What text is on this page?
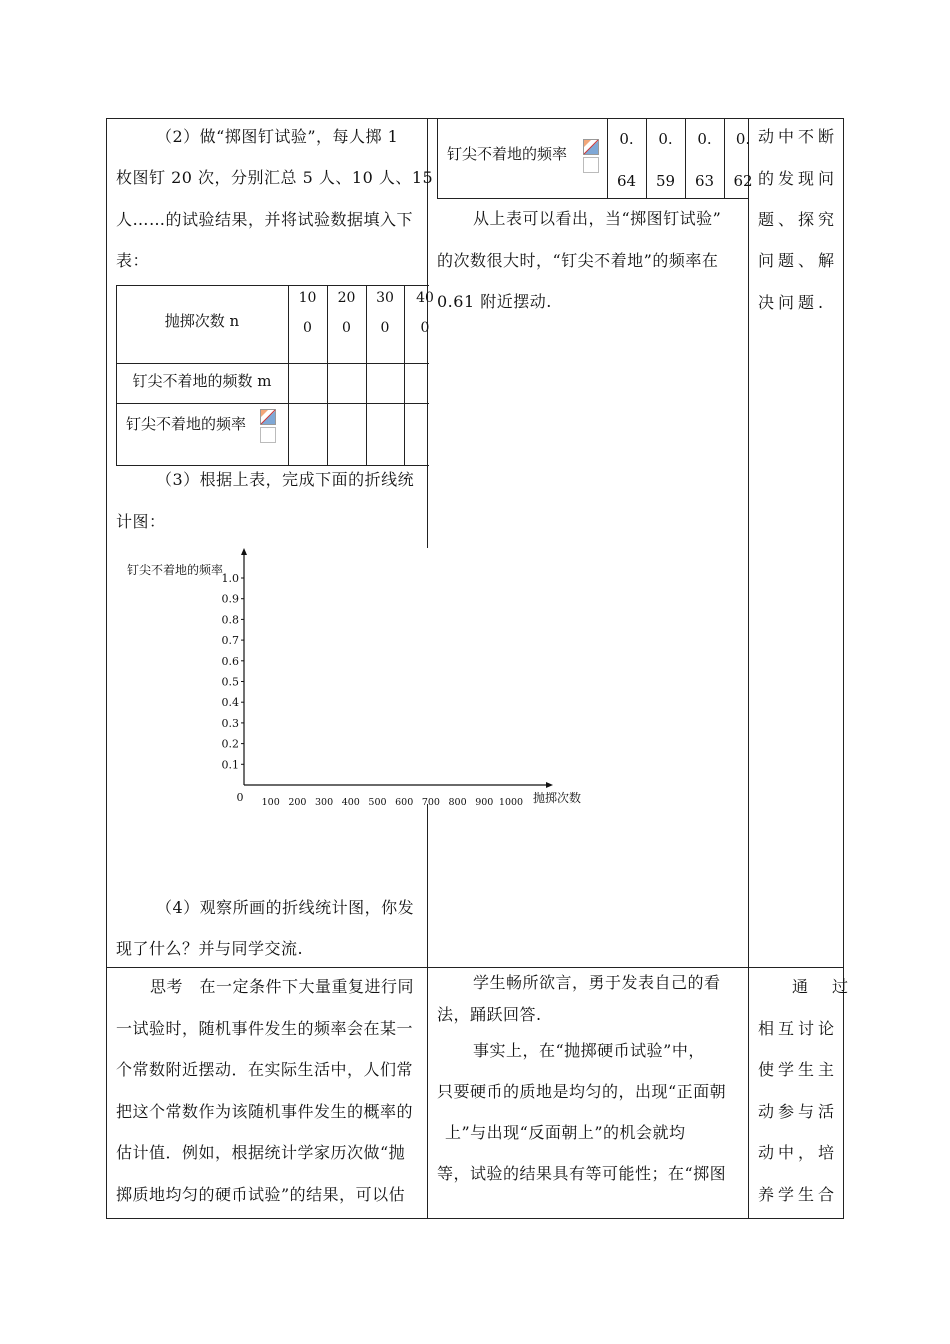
（2）做“掷图钉试验”，每人掷 1
枚图钉 20 次，分别汇总 5 人、10 人、15
人……的试验结果，并将试验数据填入下
表：
抛掷次数 n
钉尖不着地的频数 m
钉尖不着地的频率
10
0
20
0
30
0
40
0
（3）根据上表，完成下面的折线统
计图：
0.1
0.2
0.3
0.4
0.5
0.6
0.7
0.8
0.9
1.0
100 200 300 400 500 600 700 800 900 1000
0
钉尖不着地的频率
抛掷次数
（4）观察所画的折线统计图，你发
现了什么？并与同学交流.
钉尖不着地的频率
0.
64
0.
59
0.
63
0.
62
从上表可以看出，当“掷图钉试验”
的次数很大时，“钉尖不着地”的频率在
0.61 附近摆动.
动中不断
的发现问
题、探究
问题、解
决问题.
思考　在一定条件下大量重复进行同
一试验时，随机事件发生的频率会在某一
个常数附近摆动．在实际生活中，人们常
把这个常数作为该随机事件发生的概率的
估计值．例如，根据统计学家历次做“抛
掷质地均匀的硬币试验”的结果，可以估
学生畅所欲言，勇于发表自己的看
法，踊跃回答.
事实上，在“抛掷硬币试验”中，
只要硬币的质地是均匀的，出现“正面朝
上”与出现“反面朝上”的机会就均
等，试验的结果具有等可能性；在“掷图
通　过
相互讨论
使学生主
动参与活
动中，培
养学生合
